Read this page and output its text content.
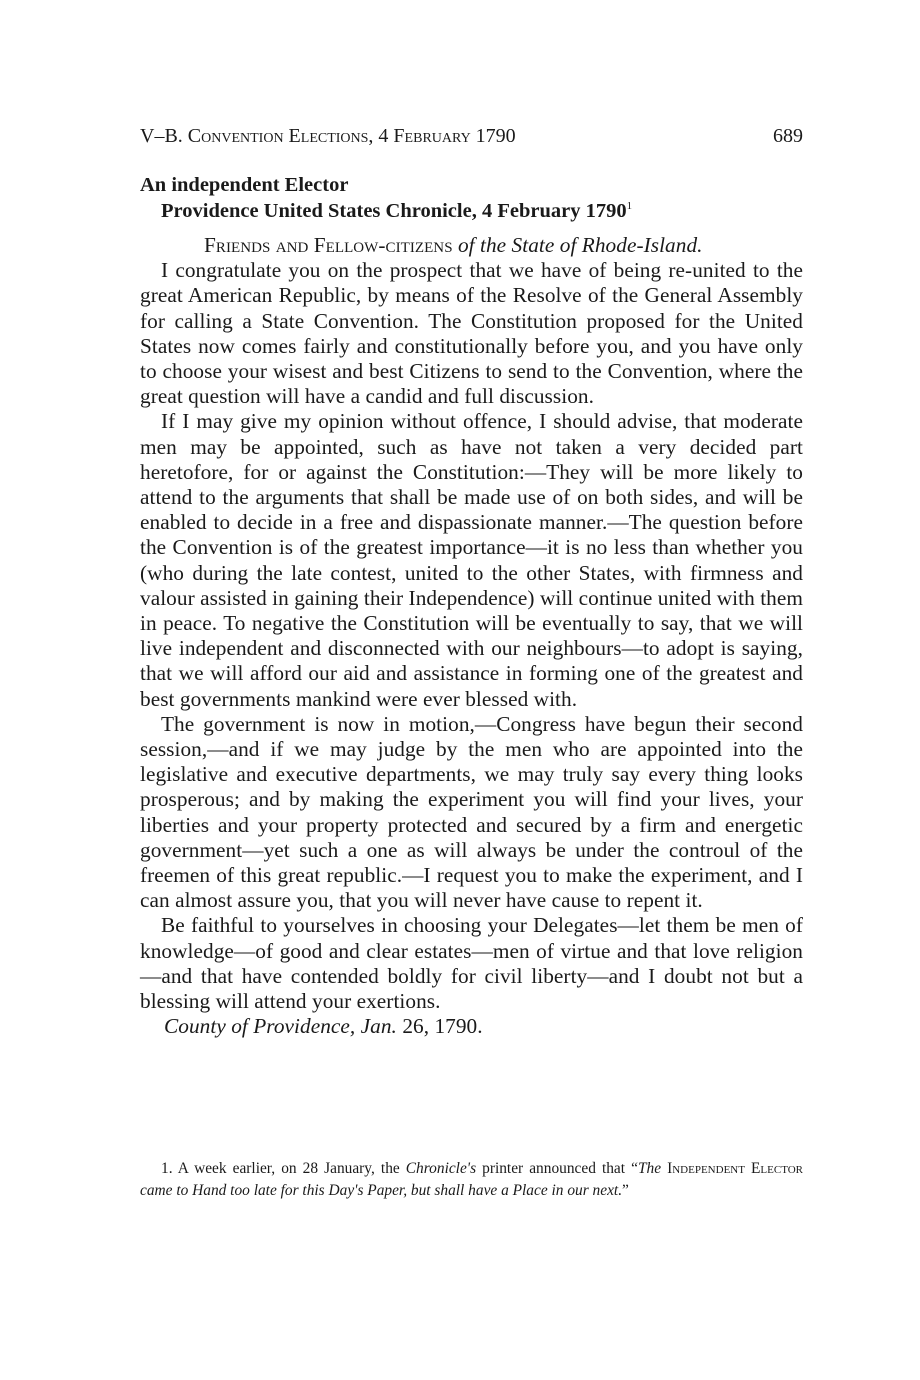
V–B. Convention Elections, 4 February 1790	689
An independent Elector
Providence United States Chronicle, 4 February 1790$^1$
Friends and Fellow-citizens of the State of Rhode-Island.

I congratulate you on the prospect that we have of being re-united to the great American Republic, by means of the Resolve of the General Assembly for calling a State Convention. The Constitution proposed for the United States now comes fairly and constitutionally before you, and you have only to choose your wisest and best Citizens to send to the Convention, where the great question will have a candid and full discussion.

If I may give my opinion without offence, I should advise, that moderate men may be appointed, such as have not taken a very decided part heretofore, for or against the Constitution:—They will be more likely to attend to the arguments that shall be made use of on both sides, and will be enabled to decide in a free and dispassionate manner.—The question before the Convention is of the greatest importance—it is no less than whether you (who during the late contest, united to the other States, with firmness and valour assisted in gaining their Independence) will continue united with them in peace. To negative the Constitution will be eventually to say, that we will live independent and disconnected with our neighbours—to adopt is saying, that we will afford our aid and assistance in forming one of the greatest and best governments mankind were ever blessed with.

The government is now in motion,—Congress have begun their second session,—and if we may judge by the men who are appointed into the legislative and executive departments, we may truly say every thing looks prosperous; and by making the experiment you will find your lives, your liberties and your property protected and secured by a firm and energetic government—yet such a one as will always be under the controul of the freemen of this great republic.—I request you to make the experiment, and I can almost assure you, that you will never have cause to repent it.

Be faithful to yourselves in choosing your Delegates—let them be men of knowledge—of good and clear estates—men of virtue and that love religion—and that have contended boldly for civil liberty—and I doubt not but a blessing will attend your exertions.

County of Providence, Jan. 26, 1790.
1. A week earlier, on 28 January, the Chronicle's printer announced that “The Independent Elector came to Hand too late for this Day's Paper, but shall have a Place in our next.”
